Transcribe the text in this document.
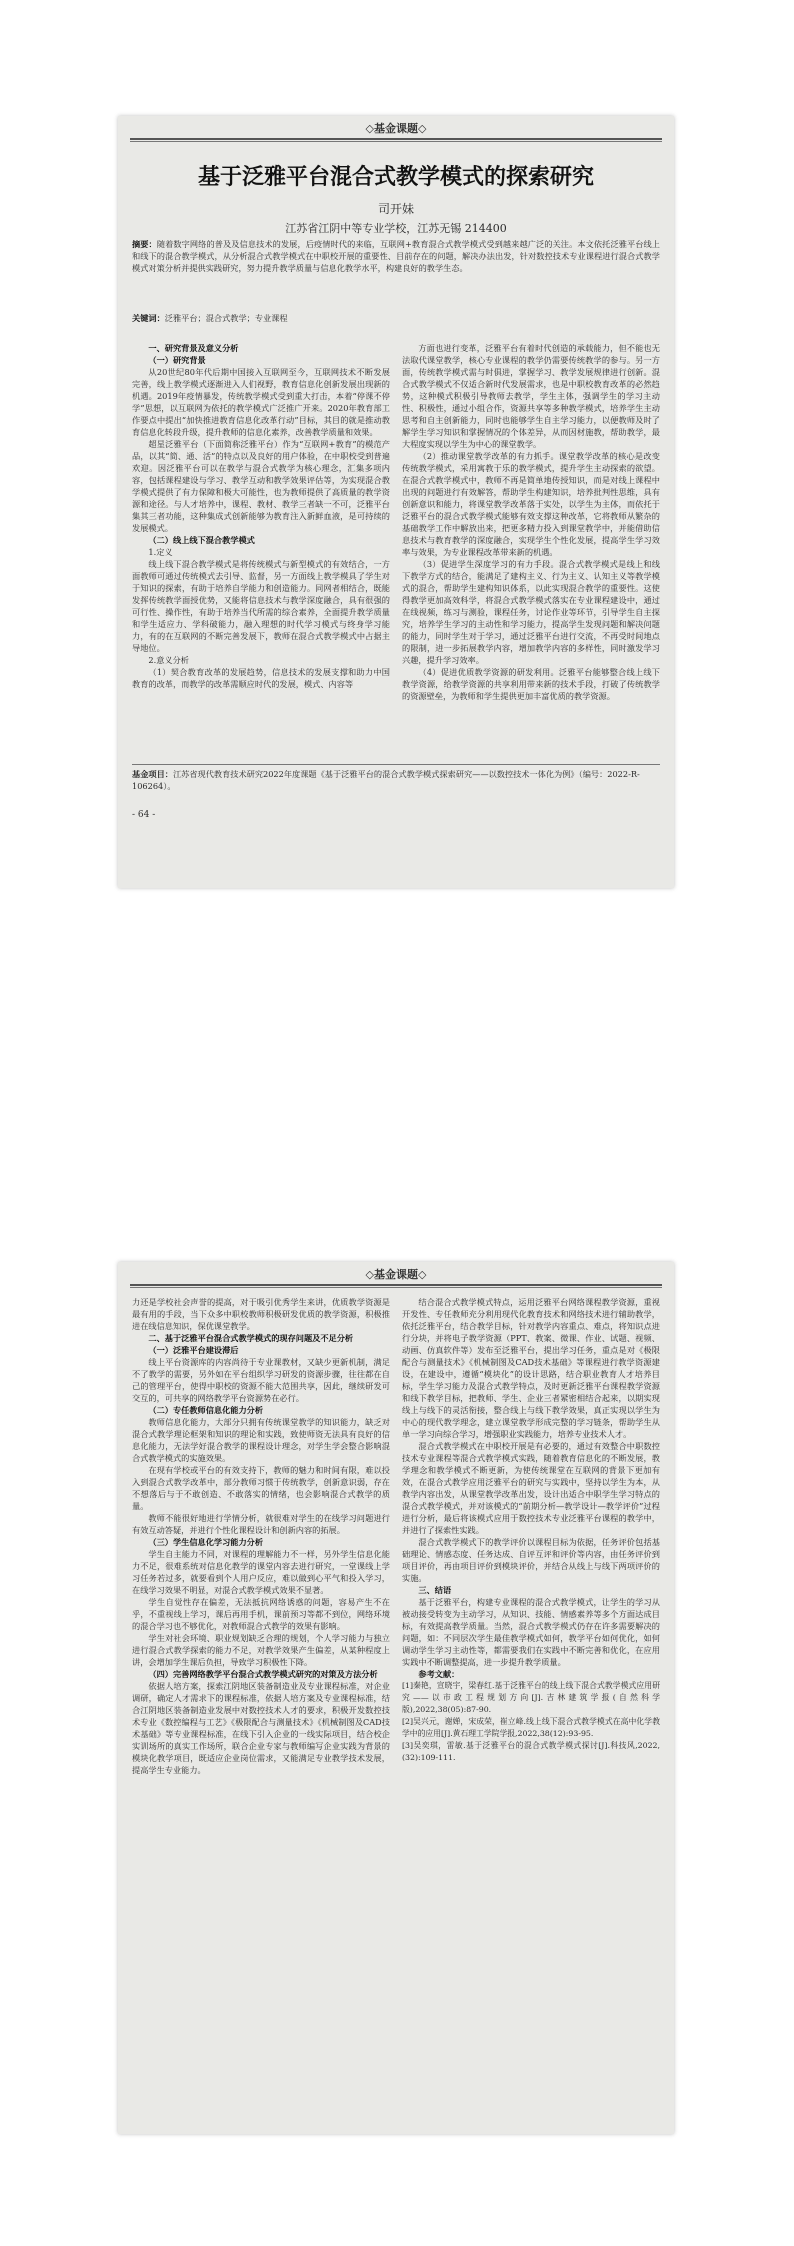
◇基金课题◇
基于泛雅平台混合式教学模式的探索研究
司开妹
江苏省江阴中等专业学校，江苏无锡 214400
摘要：随着数字网络的普及及信息技术的发展，后疫情时代的来临，互联网+教育混合式教学模式受到越来越广泛的关注。本文依托泛雅平台线上和线下的混合教学模式，从分析混合式教学模式在中职校开展的重要性、目前存在的问题，解决办法出发，针对数控技术专业课程进行混合式教学模式对策分析并提供实践研究，努力提升教学质量与信息化教学水平，构建良好的教学生态。
关键词：泛雅平台；混合式教学；专业课程

一、研究背景及意义分析

（一）研究背景

从20世纪80年代后期中国接入互联网至今，互联网技术不断发展完善，线上教学模式逐渐进入人们视野，教育信息化创新发展出现新的机遇。2019年疫情暴发，传统教学模式受到重大打击，本着“停课不停学”思想，以互联网为依托的教学模式广泛推广开来。2020年教育部工作要点中提出“加快推进教育信息化改革行动”目标，其目的就是推动教育信息化转段升级，提升教师的信息化素养，改善教学质量和效果。

超星泛雅平台（下面简称泛雅平台）作为“互联网+教育”的模范产品，以其“简、通、活”的特点以及良好的用户体验，在中职校受到普遍欢迎。因泛雅平台可以在教学与混合式教学为核心理念，汇集多项内容，包括课程建设与学习、教学互动和教学效果评估等，为实现混合教学模式提供了有力保障和极大可能性，也为教师提供了高质量的教学资源和途径。与人才培养中，课程、教材、教学三者缺一不可，泛雅平台集其三者功能，这种集成式创新能够为教育注入新鲜血液，是可持续的发展模式。

（二）线上线下混合教学模式

1.定义

线上线下混合教学模式是将传统模式与新型模式的有效结合，一方面教师可通过传统模式去引导、监督，另一方面线上教学模具了学生对于知识的探索，有助于培养自学能力和创造能力。同网者相结合，既能发挥传统教学面授优势，又能将信息技术与教学深度融合，具有很强的可行性、操作性，有助于培养当代所需的综合素养，全面提升教学质量和学生适应力、学科破能力，融入理想的时代学习模式与终身学习能力，有的在互联网的不断完善发展下，教师在混合式教学模式中占据主导地位。

2.意义分析

（1）契合教育改革的发展趋势，信息技术的发展支撑和助力中国教育的改革，而教学的改革需顺应时代的发展，模式、内容等

方面也进行变革，泛雅平台有着时代创造的承载能力，但不能也无法取代课堂教学，核心专业课程的教学仍需要传统教学的参与。另一方面，传统教学模式需与时俱进，掌握学习、教学发展规律进行创新。混合式教学模式不仅适合新时代发展需求，也是中职校教育改革的必然趋势，这种模式积极引导教师去教学，学生主体，强调学生的学习主动性、积极性，通过小组合作，资源共享等多种教学模式，培养学生主动思考和自主创新能力，同时也能够学生自主学习能力，以便教师及时了解学生学习知识和掌握情况的个体差异，从而因材施教，帮助教学，最大程度实现以学生为中心的课堂教学。

（2）推动课堂教学改革的有力抓手。课堂教学改革的核心是改变传统教学模式，采用寓教于乐的教学模式，提升学生主动探索的欲望。在混合式教学模式中，教师不再是简单地传授知识，而是对线上课程中出现的问题进行有效解答，帮助学生构建知识，培养批判性思维，具有创新意识和能力，将课堂教学改革落于实处，以学生为主体，而依托于泛雅平台的混合式教学模式能够有效支撑这种改革，它将教师从繁杂的基础教学工作中解放出来，把更多精力投入到课堂教学中，并能借助信息技术与教育教学的深度融合，实现学生个性化发展，提高学生学习效率与效果，为专业课程改革带来新的机遇。

（3）促进学生深度学习的有力手段。混合式教学模式是线上和线下教学方式的结合，能满足了建构主义、行为主义、认知主义等教学模式的混合，帮助学生建构知识体系，以此实现混合教学的重要性。这使得教学更加高效科学，将混合式教学模式落实在专业课程建设中，通过在线视频，练习与测验，课程任务，讨论作业等环节，引导学生自主探究，培养学生学习的主动性和学习能力，提高学生发现问题和解决问题的能力，同时学生对于学习，通过泛雅平台进行交流，不再受时间地点的限制，进一步拓展教学内容，增加教学内容的多样性，同时激发学习兴趣，提升学习效率。

（4）促进优质教学资源的研发利用。泛雅平台能够整合线上线下教学资源，给教学资源的共享利用带来新的技术手段，打破了传统教学的资源壁垒，为教师和学生提供更加丰富优质的教学资源。

基金项目：江苏省现代教育技术研究2022年度课题《基于泛雅平台的混合式教学模式探索研究——以数控技术一体化为例》（编号：2022-R-106264）。
- 64 -
◇基金课题◇

力还是学校社会声誉的提高，对于吸引优秀学生来讲，优质教学资源是最有用的手段，当下众多中职校教师积极研发优质的教学资源，积极推进在线信息知识，保优课堂教学。

二、基于泛雅平台混合式教学模式的现存问题及不足分析

（一）泛雅平台建设滞后

线上平台资源库的内容尚待于专业课教材，又缺少更新机制，满足不了教学的需要，另外如在平台组织学习研发的资源步骤，往往都在自己的管理平台，使得中职校的资源不能大范围共享，因此，继续研发可交互的，可共享的网络教学平台资源势在必行。

（二）专任教师信息化能力分析

教师信息化能力，大部分只拥有传统课堂教学的知识能力，缺乏对混合式教学理论框架和知识的理论和实践，致使师资无法具有良好的信息化能力，无法学好混合教学的课程设计理念，对学生学会整合影响混合式教学模式的实施效果。

在现有学校或平台的有效支持下，教师的魅力和时间有限，难以投入到混合式教学改革中，部分教师习惯于传统教学，创新意识弱，存在不想落后与于不敢创造、不敢落实的情绪，也会影响混合式教学的质量。

教师不能很好地进行学情分析，就很难对学生的在线学习问题进行有效互动答疑，并进行个性化课程设计和创新内容的拓展。

（三）学生信息化学习能力分析

学生自主能力不同，对课程的理解能力不一样，另外学生信息化能力不足，很难系统对信息化教学的课堂内容去进行研究，一堂课线上学习任务若过多，就要看到个人用户反应，难以做到心平气和投入学习，在线学习效果不明显，对混合式教学模式效果不显著。

学生自觉性存在偏差，无法抵抗网络诱惑的问题，容易产生不在乎，不重视线上学习，课后再用手机，课前预习等都不到位，网络环境的混合学习也不够优化，对教师混合式教学的效果有影响。

学生对社会环境、职业规划缺乏合理的规划，个人学习能力与独立进行混合式教学探索的能力不足，对教学效果产生偏差，从某种程度上讲，会增加学生课后负担，导致学习积极性下降。

（四）完善网络教学平台混合式教学模式研究的对策及方法分析

依据人培方案，探索江阴地区装备制造业及专业课程标准，对企业调研，确定人才需求下的课程标准，依据人培方案及专业课程标准，结合江阴地区装备制造业发展中对数控技术人才的要求，积极开发数控技术专业《数控编程与工艺》《极限配合与测量技术》《机械制图及CAD技术基础》等专业课程标准，在线下引入企业的一线实际项目，结合校企实训场所的真实工作场所，联合企业专家与教师编写企业实践为背景的模块化教学项目，既适应企业岗位需求，又能满足专业教学技术发展，提高学生专业能力。

结合混合式教学模式特点，运用泛雅平台网络课程教学资源，重视开发性、专任教师充分利用现代化教育技术和网络技术进行辅助教学，依托泛雅平台，结合教学目标，针对教学内容重点、难点，将知识点进行分块，并将电子教学资源（PPT、教案、微课、作业、试题、视频、动画、仿真软件等）发布至泛雅平台，提出学习任务，重点是对《极限配合与测量技术》《机械制图及CAD技术基础》等课程进行教学资源建设，在建设中，遵循“模块化”的设计思路，结合职业教育人才培养目标，学生学习能力及混合式教学特点，及时更新泛雅平台课程教学资源和线下教学目标，把教师、学生、企业三者紧密相结合起来，以期实现线上与线下的灵活衔接，整合线上与线下教学效果，真正实现以学生为中心的现代教学理念，建立课堂教学形成完整的学习链条，帮助学生从单一学习向综合学习，增强职业实践能力，培养专业技术人才。

混合式教学模式在中职校开展是有必要的，通过有效整合中职数控技术专业课程等混合式教学模式实践，随着教育信息化的不断发展，教学理念和教学模式不断更新，为使传统课堂在互联网的背景下更加有效，在混合式教学应用泛雅平台的研究与实践中，坚持以学生为本，从教学内容出发，从课堂教学改革出发，设计出适合中职学生学习特点的混合式教学模式，并对该模式的“前期分析—教学设计—教学评价”过程进行分析，最后将该模式应用于数控技术专业泛雅平台课程的教学中，并进行了探索性实践。

混合式教学模式下的教学评价以课程目标为依据，任务评价包括基础理论、情感态度、任务达成、自评互评和评价等内容，由任务评价到项目评价，再由项目评价到模块评价，并结合从线上与线下两项评价的实施。

三、结语

基于泛雅平台，构建专业课程的混合式教学模式，让学生的学习从被动接受转变为主动学习，从知识、技能、情感素养等多个方面达成目标，有效提高教学质量。当然，混合式教学模式仍存在许多需要解决的问题，如：不同层次学生最佳教学模式如何，教学平台如何优化，如何调动学生学习主动性等，都需要我们在实践中不断完善和优化，在应用实践中不断调整提高，进一步提升教学质量。

参考文献：

[1]秦艳，宣晓宇，梁春红.基于泛雅平台的线上线下混合式教学模式应用研究——以市政工程规划方向[J].吉林建筑学报(自然科学版),2022,38(05):87-90.

[2]吴兴元，谢婵，宋成荣，崔立峰.线上线下混合式教学模式在高中化学教学中的应用[J].黄石理工学院学报,2022,38(12):93-95.

[3]吴奕琪，雷敏.基于泛雅平台的混合式教学模式探讨[J].科技风,2022,(32):109-111.
